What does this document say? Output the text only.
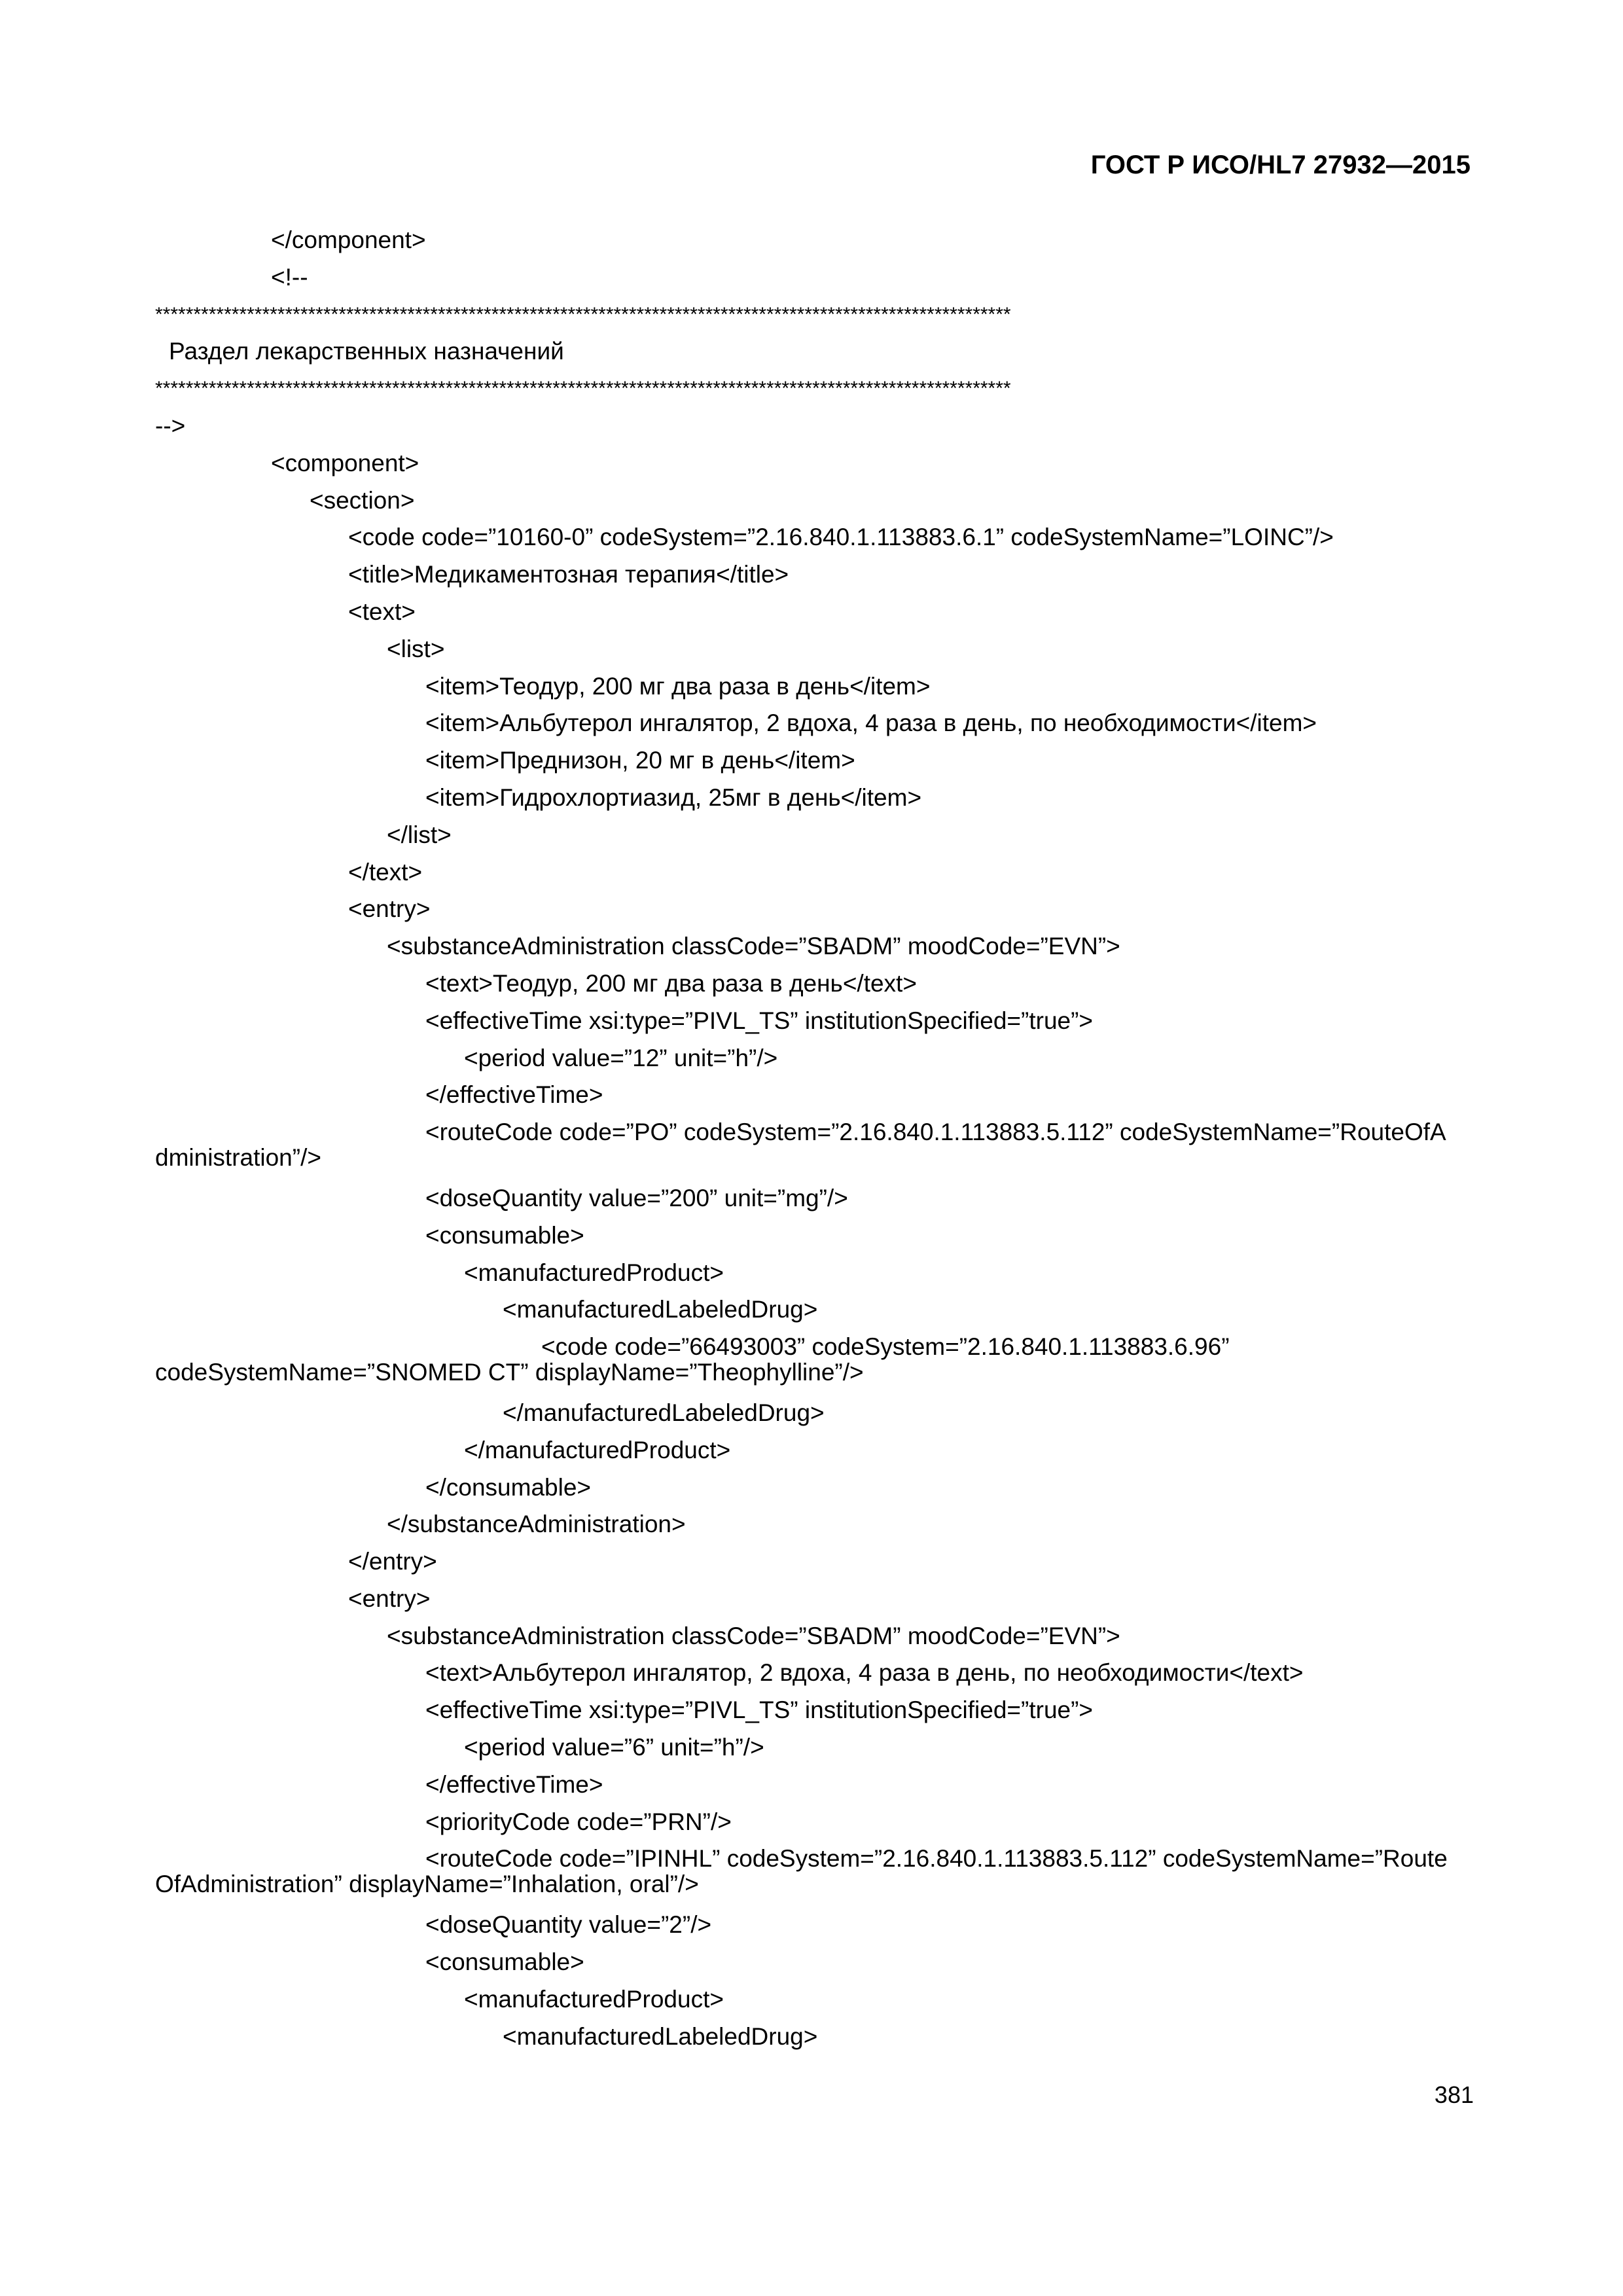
ГОСТ Р ИСО/HL7 27932—2015
</component>
<!--
****************************************************************************************************************
Раздел лекарственных назначений
****************************************************************************************************************
-->
<component>
<section>
<code code=”10160-0” codeSystem=”2.16.840.1.113883.6.1” codeSystemName=”LOINC”/>
<title>Медикаментозная терапия</title>
<text>
<list>
<item>Теодур, 200 мг два раза в день</item>
<item>Альбутерол ингалятор, 2 вдоха, 4 раза в день, по необходимости</item>
<item>Преднизон, 20 мг в день</item>
<item>Гидрохлортиазид, 25мг в день</item>
</list>
</text>
<entry>
<substanceAdministration classCode=”SBADM” moodCode=”EVN”>
<text>Теодур, 200 мг два раза в день</text>
<effectiveTime xsi:type=”PIVL_TS” institutionSpecified=”true”>
<period value=”12” unit=”h”/>
</effectiveTime>
<routeCode code=”PO” codeSystem=”2.16.840.1.113883.5.112” codeSystemName=”RouteOfA
dministration”/>
<doseQuantity value=”200” unit=”mg”/>
<consumable>
<manufacturedProduct>
<manufacturedLabeledDrug>
<code code=”66493003” codeSystem=”2.16.840.1.113883.6.96”
codeSystemName=”SNOMED CT” displayName=”Theophylline”/>
</manufacturedLabeledDrug>
</manufacturedProduct>
</consumable>
</substanceAdministration>
</entry>
<entry>
<substanceAdministration classCode=”SBADM” moodCode=”EVN”>
<text>Альбутерол ингалятор, 2 вдоха, 4 раза в день, по необходимости</text>
<effectiveTime xsi:type=”PIVL_TS” institutionSpecified=”true”>
<period value=”6” unit=”h”/>
</effectiveTime>
<priorityCode code=”PRN”/>
<routeCode code=”IPINHL” codeSystem=”2.16.840.1.113883.5.112” codeSystemName=”Route
OfAdministration” displayName=”Inhalation, oral”/>
<doseQuantity value=”2”/>
<consumable>
<manufacturedProduct>
<manufacturedLabeledDrug>
381
